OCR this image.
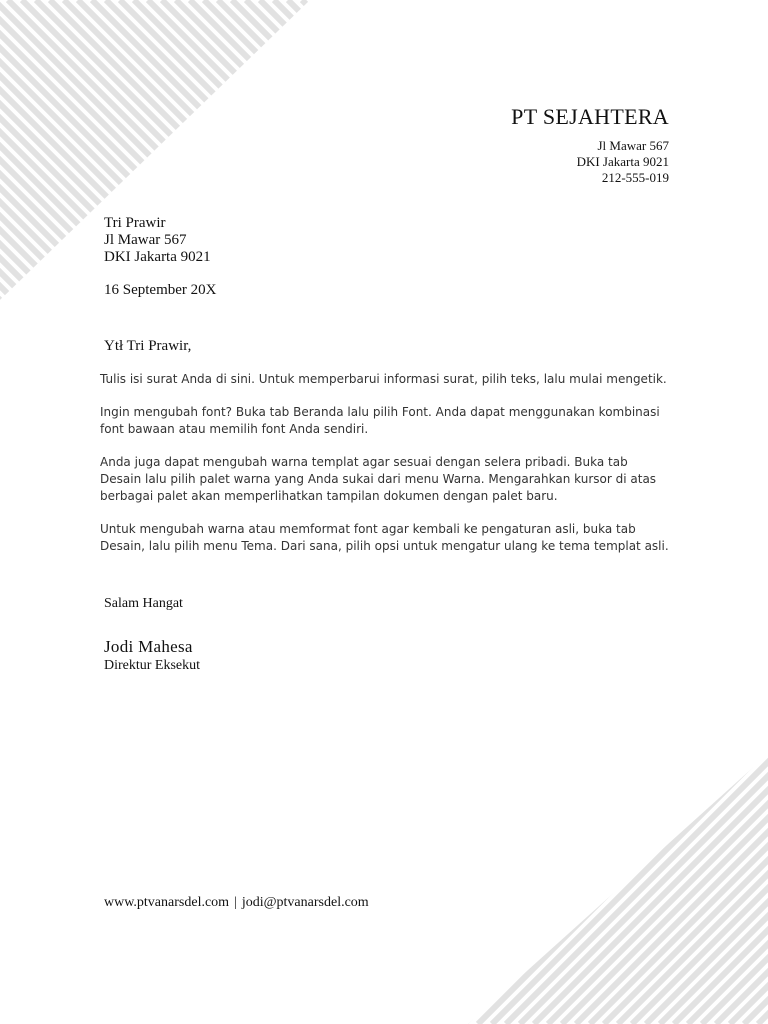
PT SEJAHTERA
Jl Mawar 567
DKI Jakarta 9021
212-555-019
Tri Prawir
Jl Mawar 567
DKI Jakarta 9021
16 September 20X
Ytł Tri Prawir,

Tulis isi surat Anda di sini. Untuk memperbarui informasi surat, pilih teks, lalu mulai mengetik.

Ingin mengubah font? Buka tab Beranda lalu pilih Font. Anda dapat menggunakan kombinasi font bawaan atau memilih font Anda sendiri.

Anda juga dapat mengubah warna templat agar sesuai dengan selera pribadi. Buka tab Desain lalu pilih palet warna yang Anda sukai dari menu Warna. Mengarahkan kursor di atas berbagai palet akan memperlihatkan tampilan dokumen dengan palet baru.

Untuk mengubah warna atau memformat font agar kembali ke pengaturan asli, buka tab Desain, lalu pilih menu Tema. Dari sana, pilih opsi untuk mengatur ulang ke tema templat asli.

Salam Hangat
Jodi Mahesa
Direktur Eksekut
www.ptvanarsdel.com | jodi@ptvanarsdel.com
